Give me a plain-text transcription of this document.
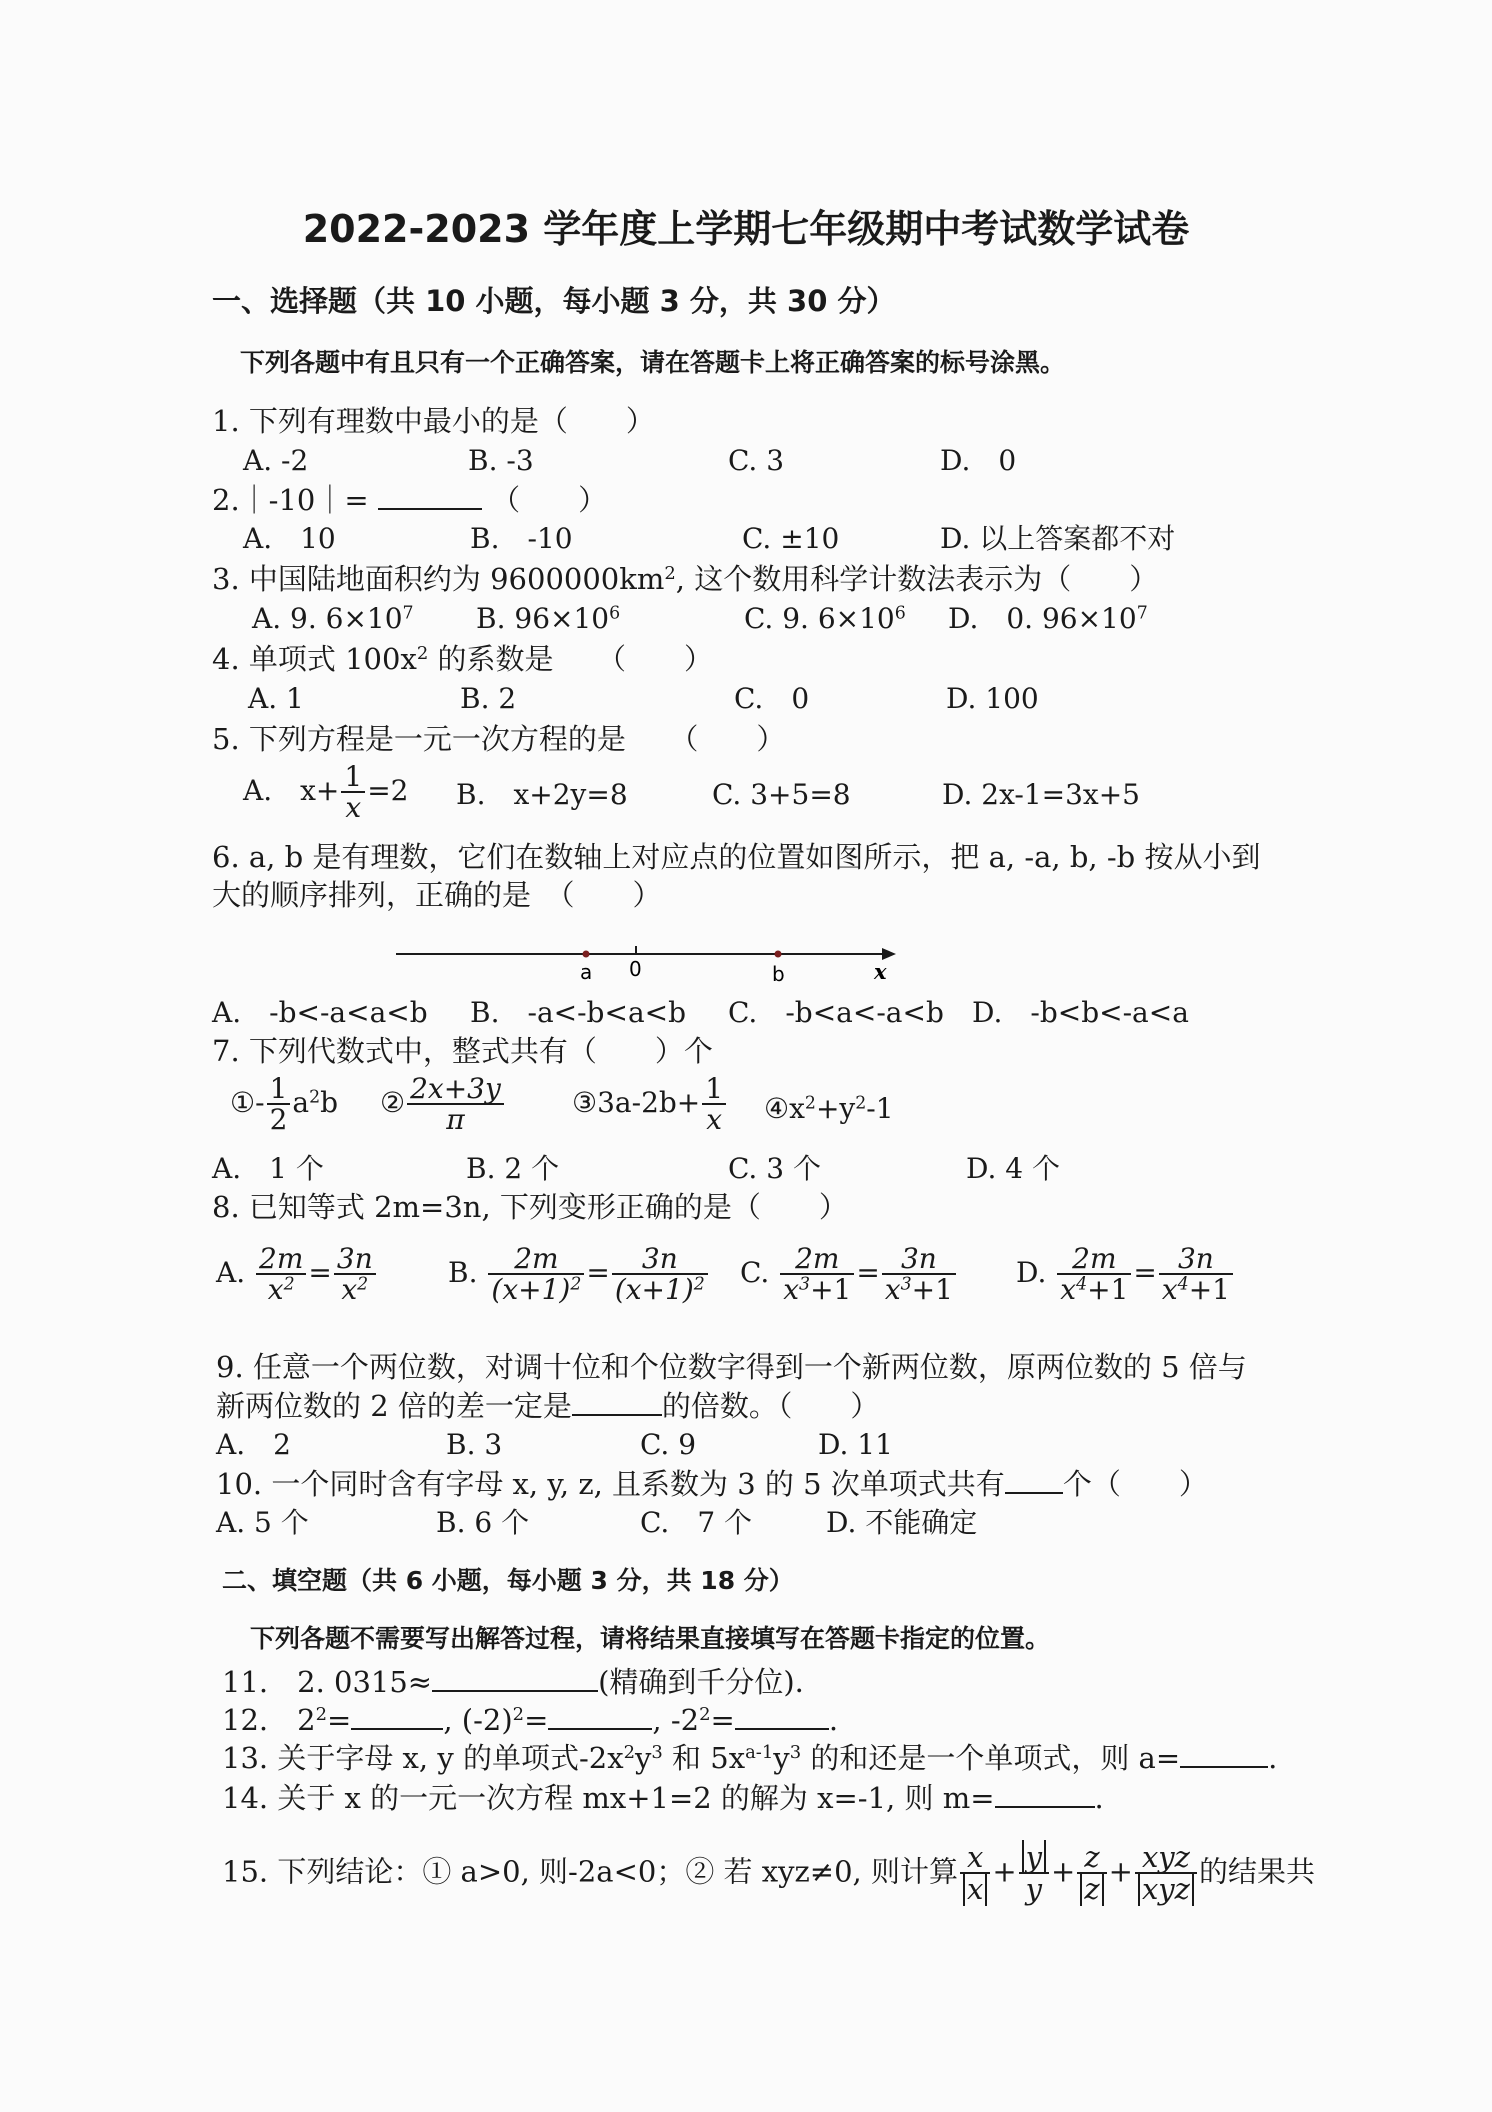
2022-2023 学年度上学期七年级期中考试数学试卷
一、选择题（共 10 小题，每小题 3 分，共 30 分）
下列各题中有且只有一个正确答案，请在答题卡上将正确答案的标号涂黑。
1. 下列有理数中最小的是（　　）
A. -2	B. -3	C. 3	D.　0
2.｜-10｜=	（　　）
A.　10	B.　-10	C. ±10	D. 以上答案都不对
3. 中国陆地面积约为 $9600000km^2$, 这个数用科学计数法表示为（　　）
A. 9. $6\times 10^7$ B. $96\times 10^6$	C. 9. $6\times 10^6$ D.　0. $96\times 10^7$
4. 单项式 $100x^2$ 的系数是　　（　　）
A. 1	B. 2	C.　0	D. 100
5. 下列方程是一元一次方程的是　　（　　）
A.　$x+ \frac{1}{x} =2$ B.　x+2y=8	C. 3+5=8	D. 2x-1=3x+5
6. a, b 是有理数，它们在数轴上对应点的位置如图所示，把 a, -a, b, -b 按从小到
大的顺序排列，正确的是　（　　）
a 0	b	x
A.　-b<-a<a<b B.　-a<-b<a<b C.　-b<a<-a<b D.　-b<b<-a<a
7. 下列代数式中，整式共有（　　）个
①- $\frac{1}{2} a^2b$ ② $\frac{2x+3y}{\pi}$ ③3a-2b+ $\frac{1}{x}$ $④x^2+y^2-1$
A.　1 个	B. 2 个	C. 3 个	D. 4 个
8. 已知等式 2m=3n, 下列变形正确的是（　　）
A. $\frac{2m}{x^2} = \frac{3n}{x^2}$	B. $\frac{2m}{(x+1)^2} = \frac{3n}{(x+1)^2} C$. $\frac{2m}{x^3+1} = \frac{3n}{x^3+1} D$. $\frac{2m}{x^4+1} = \frac{3n}{x^4+1}$
9. 任意一个两位数，对调十位和个位数字得到一个新两位数，原两位数的 5 倍与
新两位数的 2 倍的差一定是	的倍数。（　　）
A.　2	B. 3	C. 9	D. 11
10. 一个同时含有字母 x, y, z, 且系数为 3 的 5 次单项式共有 个（　　）
A. 5 个	B. 6 个	C.　7 个	D. 不能确定
二、填空题（共 6 小题，每小题 3 分，共 18 分）
下列各题不需要写出解答过程，请将结果直接填写在答题卡指定的位置。
11.　2. 0315≈	(精确到千分位)．
12.　$2^2=$	, $(-2)^2=$	, $-2^2=$	.
13. 关于字母 x, y 的单项式$-2x^2y^3$ 和 $5x^{a-1}y^3$ 的和还是一个单项式，则 a=	.
14. 关于 x 的一元一次方程 mx+1=2 的解为 x=-1, 则 m=	.
15. 下列结论：① a>0, 则-2a<0；② 若 xyz≠0, 则计算 $\frac{x}{x} + \frac{y}{y} + \frac{z}{z} + \frac{\text{xyz}}{\text{xyz}}$ 的结果共
